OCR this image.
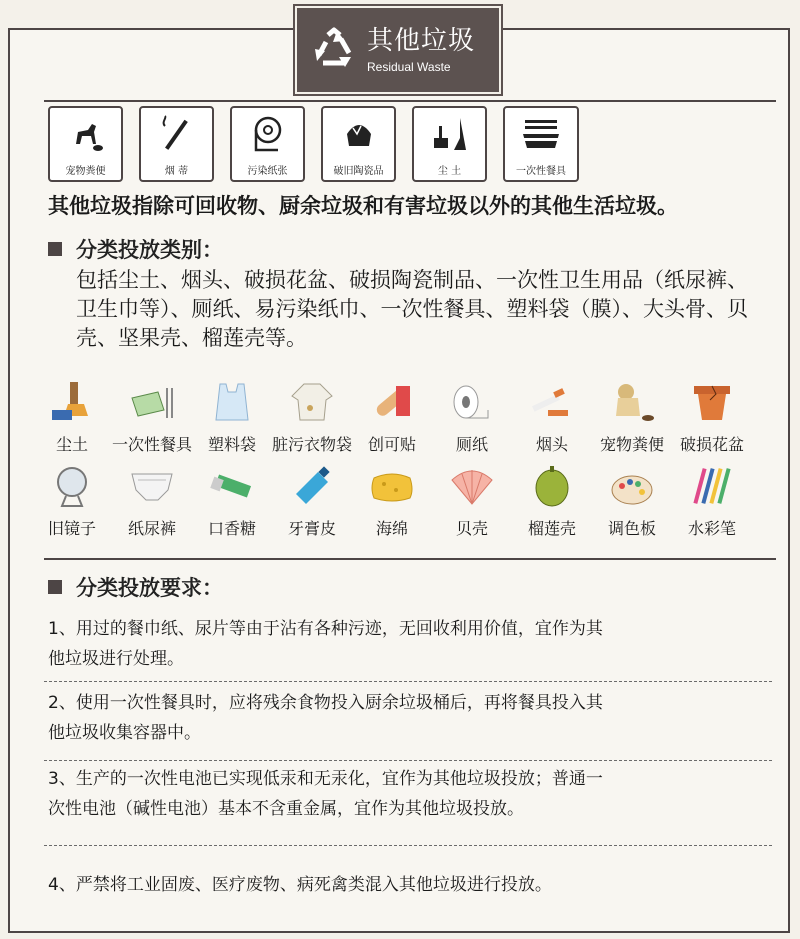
其他垃圾
Residual Waste
宠物粪便	烟 蒂	污染纸张	破旧陶瓷品	尘 土	一次性餐具
其他垃圾指除可回收物、厨余垃圾和有害垃圾以外的其他生活垃圾。
分类投放类别：
包括尘土、烟头、破损花盆、破损陶瓷制品、一次性卫生用品（纸尿裤、卫生巾等）、厕纸、易污染纸巾、一次性餐具、塑料袋（膜）、大头骨、贝壳、坚果壳、榴莲壳等。
尘土 一次性餐具 塑料袋 脏污衣物袋 创可贴 厕纸	烟头 宠物粪便 破损花盆
旧镜子 纸尿裤 口香糖 牙膏皮 海绵	贝壳 榴莲壳 调色板 水彩笔
分类投放要求：
1、用过的餐巾纸、尿片等由于沾有各种污迹，无回收利用价值，宜作为其
他垃圾进行处理。
2、使用一次性餐具时，应将残余食物投入厨余垃圾桶后，再将餐具投入其
他垃圾收集容器中。
3、生产的一次性电池已实现低汞和无汞化，宜作为其他垃圾投放；普通一
次性电池（碱性电池）基本不含重金属，宜作为其他垃圾投放。
4、严禁将工业固废、医疗废物、病死禽类混入其他垃圾进行投放。
